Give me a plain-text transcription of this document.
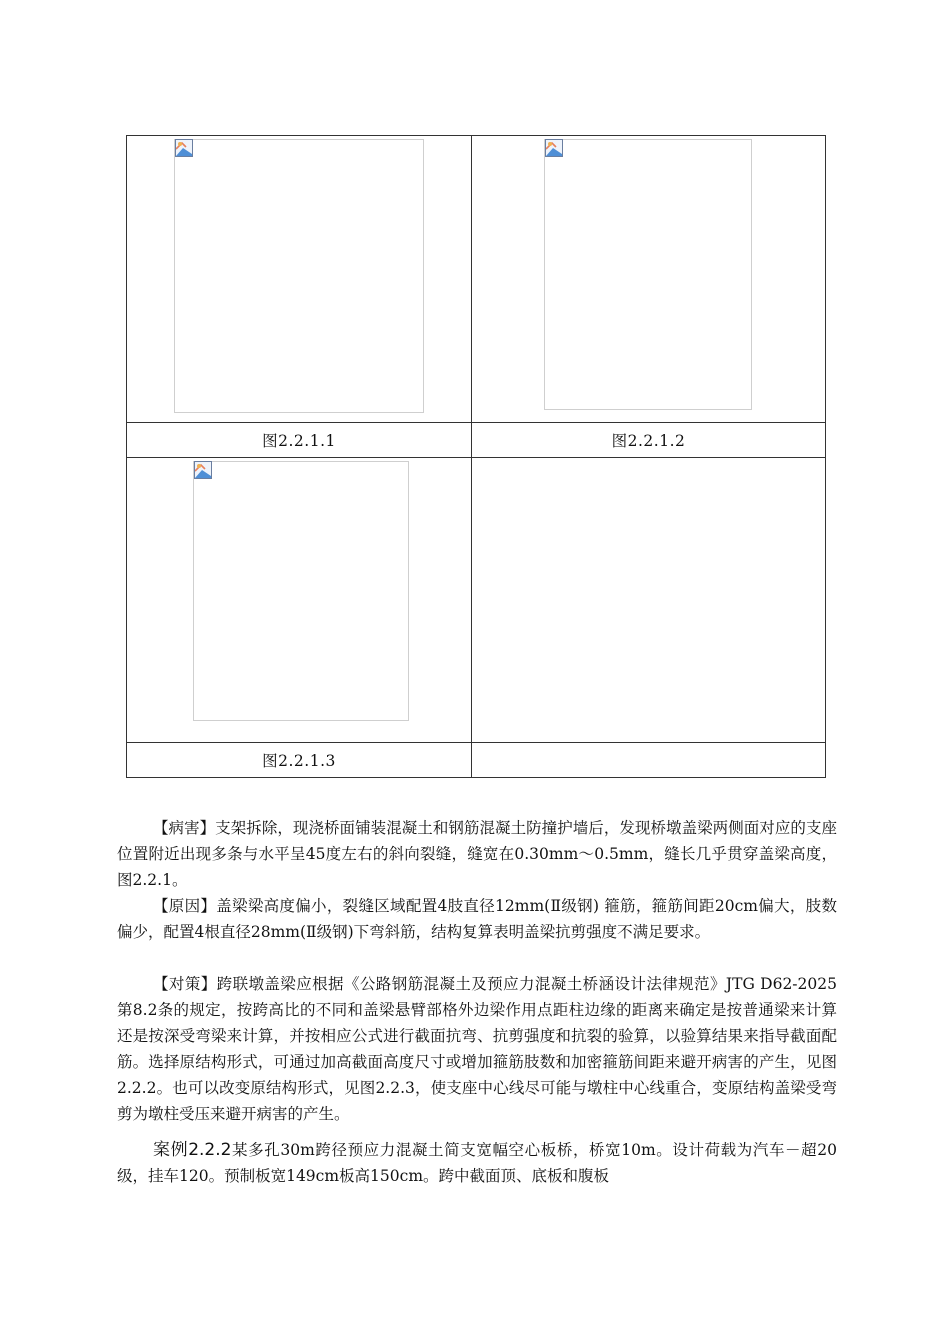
图2.2.1.1	图2.2.1.2

图2.2.1.3	

【病害】支架拆除，现浇桥面铺装混凝土和钢筋混凝土防撞护墙后，发现桥墩盖梁两侧面对应的支座位置附近出现多条与水平呈45度左右的斜向裂缝，缝宽在0.30mm～0.5mm，缝长几乎贯穿盖梁高度，图2.2.1。

【原因】盖梁梁高度偏小，裂缝区域配置4肢直径12mm(Ⅱ级钢) 箍筋，箍筋间距20cm偏大，肢数偏少，配置4根直径28mm(Ⅱ级钢)下弯斜筋，结构复算表明盖梁抗剪强度不满足要求。

【对策】跨联墩盖梁应根据《公路钢筋混凝土及预应力混凝土桥涵设计法律规范》JTG D62-2025第8.2条的规定，按跨高比的不同和盖梁悬臂部格外边梁作用点距柱边缘的距离来确定是按普通梁来计算还是按深受弯梁来计算，并按相应公式进行截面抗弯、抗剪强度和抗裂的验算，以验算结果来指导截面配筋。选择原结构形式，可通过加高截面高度尺寸或增加箍筋肢数和加密箍筋间距来避开病害的产生，见图2.2.2。也可以改变原结构形式，见图2.2.3，使支座中心线尽可能与墩柱中心线重合，变原结构盖梁受弯剪为墩柱受压来避开病害的产生。

案例2.2.2某多孔30m跨径预应力混凝土简支宽幅空心板桥，桥宽10m。设计荷载为汽车－超20级，挂车120。预制板宽149cm板高150cm。跨中截面顶、底板和腹板
